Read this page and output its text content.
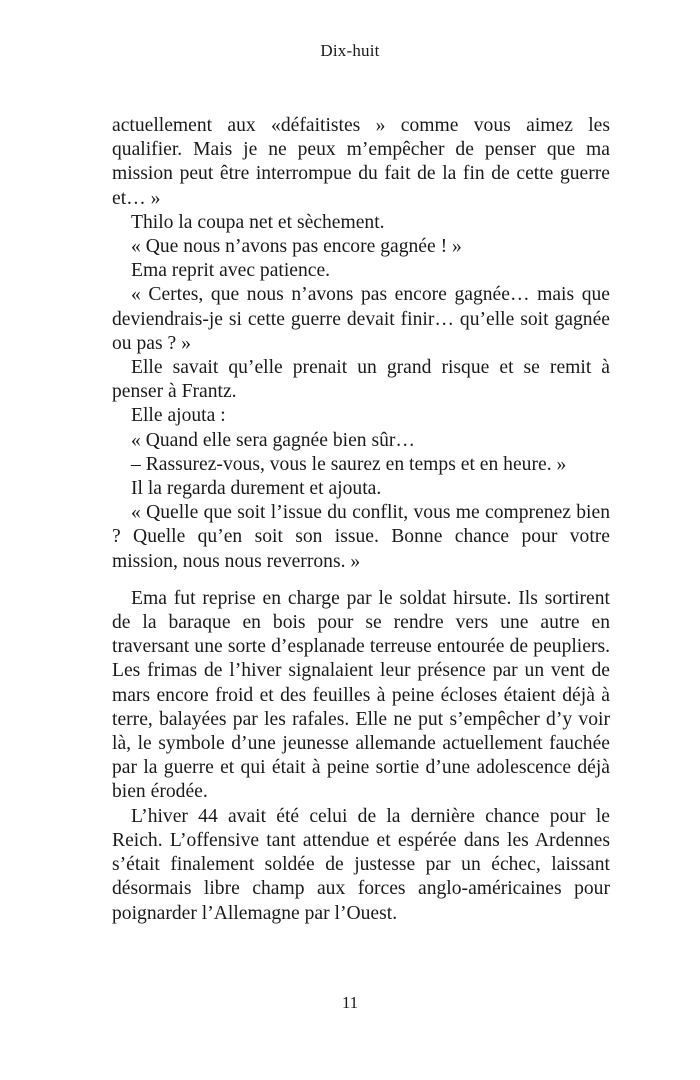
Dix-huit

actuellement aux «défaitistes » comme vous aimez les qualifier. Mais je ne peux m’empêcher de penser que ma mission peut être interrompue du fait de la fin de cette guerre et… »

Thilo la coupa net et sèchement.

« Que nous n’avons pas encore gagnée ! »

Ema reprit avec patience.

« Certes, que nous n’avons pas encore gagnée… mais que deviendrais-je si cette guerre devait finir… qu’elle soit gagnée ou pas ? »

Elle savait qu’elle prenait un grand risque et se remit à penser à Frantz.

Elle ajouta :

« Quand elle sera gagnée bien sûr…

– Rassurez-vous, vous le saurez en temps et en heure. »

Il la regarda durement et ajouta.

« Quelle que soit l’issue du conflit, vous me comprenez bien ? Quelle qu’en soit son issue. Bonne chance pour votre mission, nous nous reverrons. »

Ema fut reprise en charge par le soldat hirsute. Ils sortirent de la baraque en bois pour se rendre vers une autre en traversant une sorte d’esplanade terreuse entourée de peupliers. Les frimas de l’hiver signalaient leur présence par un vent de mars encore froid et des feuilles à peine écloses étaient déjà à terre, balayées par les rafales. Elle ne put s’empêcher d’y voir là, le symbole d’une jeunesse allemande actuellement fauchée par la guerre et qui était à peine sortie d’une adolescence déjà bien érodée.

L’hiver 44 avait été celui de la dernière chance pour le Reich. L’offensive tant attendue et espérée dans les Ardennes s’était finalement soldée de justesse par un échec, laissant désormais libre champ aux forces anglo-américaines pour poignarder l’Allemagne par l’Ouest.

11
